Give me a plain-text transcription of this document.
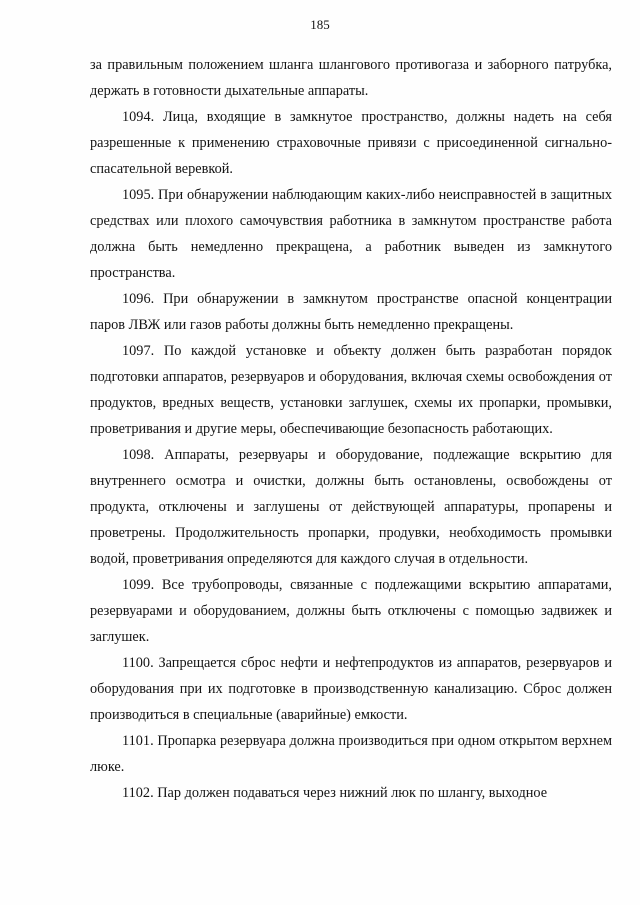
185

за правильным положением шланга шлангового противогаза и заборного патрубка, держать в готовности дыхательные аппараты.

1094. Лица, входящие в замкнутое пространство, должны надеть на себя разрешенные к применению страховочные привязи с присоединенной сигнально-спасательной веревкой.

1095. При обнаружении наблюдающим каких-либо неисправностей в защитных средствах или плохого самочувствия работника в замкнутом пространстве работа должна быть немедленно прекращена, а работник выведен из замкнутого пространства.

1096. При обнаружении в замкнутом пространстве опасной концентрации паров ЛВЖ или газов работы должны быть немедленно прекращены.

1097. По каждой установке и объекту должен быть разработан порядок подготовки аппаратов, резервуаров и оборудования, включая схемы освобождения от продуктов, вредных веществ, установки заглушек, схемы их пропарки, промывки, проветривания и другие меры, обеспечивающие безопасность работающих.

1098. Аппараты, резервуары и оборудование, подлежащие вскрытию для внутреннего осмотра и очистки, должны быть остановлены, освобождены от продукта, отключены и заглушены от действующей аппаратуры, пропарены и проветрены. Продолжительность пропарки, продувки, необходимость промывки водой, проветривания определяются для каждого случая в отдельности.

1099. Все трубопроводы, связанные с подлежащими вскрытию аппаратами, резервуарами и оборудованием, должны быть отключены с помощью задвижек и заглушек.

1100. Запрещается сброс нефти и нефтепродуктов из аппаратов, резервуаров и оборудования при их подготовке в производственную канализацию. Сброс должен производиться в специальные (аварийные) емкости.

1101. Пропарка резервуара должна производиться при одном открытом верхнем люке.

1102. Пар должен подаваться через нижний люк по шлангу, выходное
